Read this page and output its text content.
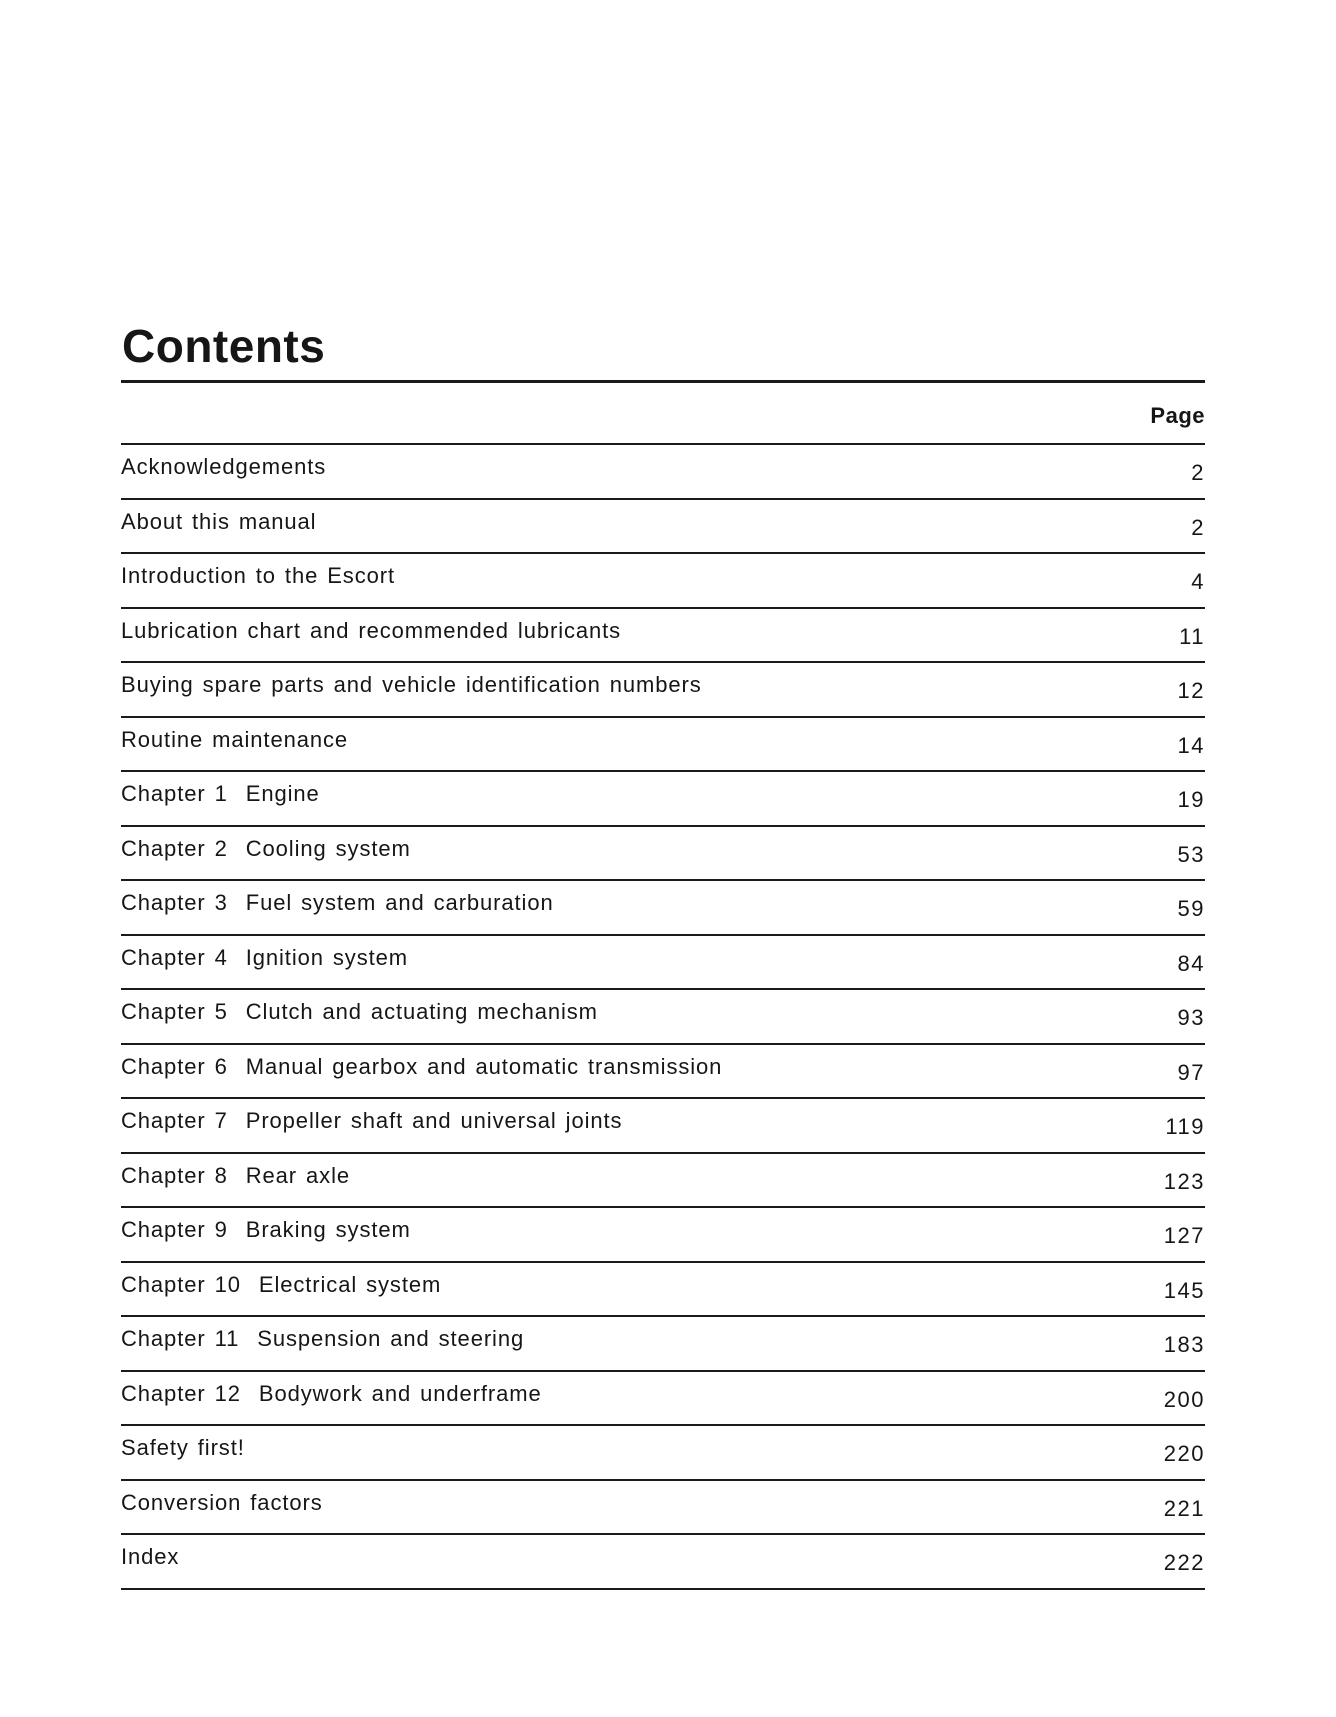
Contents
Page
Acknowledgements	2
About this manual	2
Introduction to the Escort	4
Lubrication chart and recommended lubricants	11
Buying spare parts and vehicle identification numbers	12
Routine maintenance	14
Chapter 1  Engine	19
Chapter 2  Cooling system	53
Chapter 3  Fuel system and carburation	59
Chapter 4  Ignition system	84
Chapter 5  Clutch and actuating mechanism	93
Chapter 6  Manual gearbox and automatic transmission	97
Chapter 7  Propeller shaft and universal joints	119
Chapter 8  Rear axle	123
Chapter 9  Braking system	127
Chapter 10  Electrical system	145
Chapter 11  Suspension and steering	183
Chapter 12  Bodywork and underframe	200
Safety first!	220
Conversion factors	221
Index	222
